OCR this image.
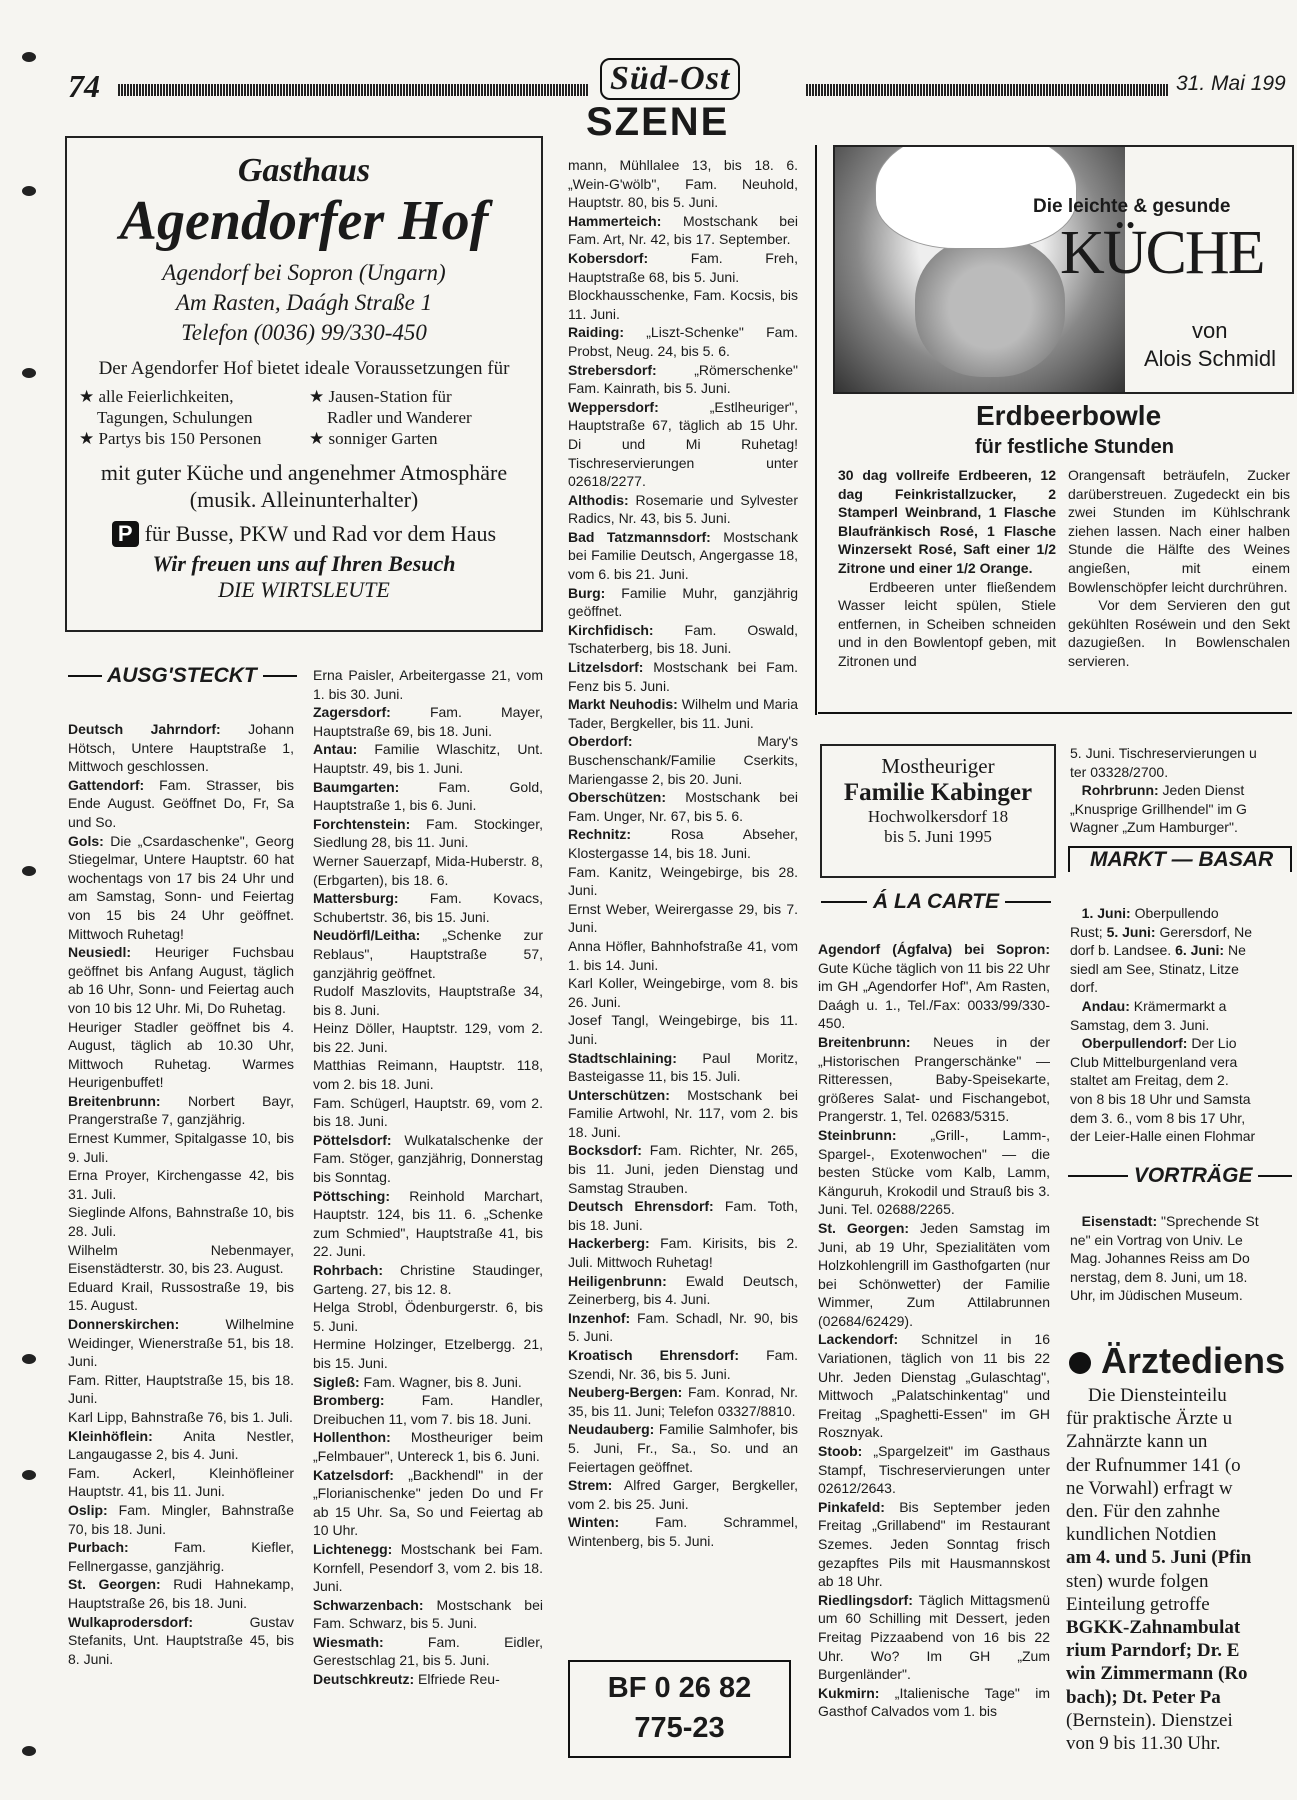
74	Süd-Ost
SZENE
31. Mai 199
Gasthaus
Agendorfer Hof
Agendorf bei Sopron (Ungarn)
Am Rasten, Daágh Straße 1
Telefon (0036) 99/330-450
Der Agendorfer Hof bietet ideale Voraussetzungen für
★ alle Feierlichkeiten,	★ Jausen-Station für
Tagungen, Schulungen	Radler und Wanderer
★ Partys bis 150 Personen	★ sonniger Garten
mit guter Küche und angenehmer Atmosphäre
(musik. Alleinunterhalter)
P für Busse, PKW und Rad vor dem Haus
Wir freuen uns auf Ihren Besuch
DIE WIRTSLEUTE
AUSG'STECKT

Deutsch Jahrndorf: Johann Hötsch, Untere Hauptstraße 1, Mittwoch geschlossen.

Gattendorf: Fam. Strasser, bis Ende August. Geöffnet Do, Fr, Sa und So.

Gols: Die „Csardaschenke", Georg Stiegelmar, Untere Hauptstr. 60 hat wochentags von 17 bis 24 Uhr und am Samstag, Sonn- und Feiertag von 15 bis 24 Uhr geöffnet. Mittwoch Ruhetag!

Neusiedl: Heuriger Fuchsbau geöffnet bis Anfang August, täglich ab 16 Uhr, Sonn- und Feiertag auch von 10 bis 12 Uhr. Mi, Do Ruhetag.

Heuriger Stadler geöffnet bis 4. August, täglich ab 10.30 Uhr, Mittwoch Ruhetag. Warmes Heurigenbuffet!

Breitenbrunn: Norbert Bayr, Prangerstraße 7, ganzjährig.

Ernest Kummer, Spitalgasse 10, bis 9. Juli.

Erna Proyer, Kirchengasse 42, bis 31. Juli.

Sieglinde Alfons, Bahnstraße 10, bis 28. Juli.

Wilhelm Nebenmayer, Eisenstädterstr. 30, bis 23. August.

Eduard Krail, Russostraße 19, bis 15. August.

Donnerskirchen: Wilhelmine Weidinger, Wienerstraße 51, bis 18. Juni.

Fam. Ritter, Hauptstraße 15, bis 18. Juni.

Karl Lipp, Bahnstraße 76, bis 1. Juli.

Kleinhöflein: Anita Nestler, Langaugasse 2, bis 4. Juni.

Fam. Ackerl, Kleinhöfleiner Hauptstr. 41, bis 11. Juni.

Oslip: Fam. Mingler, Bahnstraße 70, bis 18. Juni.

Purbach: Fam. Kiefler, Fellnergasse, ganzjährig.

St. Georgen: Rudi Hahnekamp, Hauptstraße 26, bis 18. Juni.

Wulkaprodersdorf: Gustav Stefanits, Unt. Hauptstraße 45, bis 8. Juni.

Erna Paisler, Arbeitergasse 21, vom 1. bis 30. Juni.

Zagersdorf: Fam. Mayer, Hauptstraße 69, bis 18. Juni.

Antau: Familie Wlaschitz, Unt. Hauptstr. 49, bis 1. Juni.

Baumgarten: Fam. Gold, Hauptstraße 1, bis 6. Juni.

Forchtenstein: Fam. Stockinger, Siedlung 28, bis 11. Juni.

Werner Sauerzapf, Mida-Huberstr. 8, (Erbgarten), bis 18. 6.

Mattersburg: Fam. Kovacs, Schubertstr. 36, bis 15. Juni.

Neudörfl/Leitha: „Schenke zur Reblaus", Hauptstraße 57, ganzjährig geöffnet.

Rudolf Maszlovits, Hauptstraße 34, bis 8. Juni.

Heinz Döller, Hauptstr. 129, vom 2. bis 22. Juni.

Matthias Reimann, Hauptstr. 118, vom 2. bis 18. Juni.

Fam. Schügerl, Hauptstr. 69, vom 2. bis 18. Juni.

Pöttelsdorf: Wulkatalschenke der Fam. Stöger, ganzjährig, Donnerstag bis Sonntag.

Pöttsching: Reinhold Marchart, Hauptstr. 124, bis 11. 6. „Schenke zum Schmied", Hauptstraße 41, bis 22. Juni.

Rohrbach: Christine Staudinger, Garteng. 27, bis 12. 8.

Helga Strobl, Ödenburgerstr. 6, bis 5. Juni.

Hermine Holzinger, Etzelbergg. 21, bis 15. Juni.

Sigleß: Fam. Wagner, bis 8. Juni.

Bromberg: Fam. Handler, Dreibuchen 11, vom 7. bis 18. Juni.

Hollenthon: Mostheuriger beim „Felmbauer", Untereck 1, bis 6. Juni.

Katzelsdorf: „Backhendl" in der „Florianischenke" jeden Do und Fr ab 15 Uhr. Sa, So und Feiertag ab 10 Uhr.

Lichtenegg: Mostschank bei Fam. Kornfell, Pesendorf 3, vom 2. bis 18. Juni.

Schwarzenbach: Mostschank bei Fam. Schwarz, bis 5. Juni.

Wiesmath: Fam. Eidler, Gerestschlag 21, bis 5. Juni.

Deutschkreutz: Elfriede Reu-

mann, Mühllalee 13, bis 18. 6. „Wein-G'wölb", Fam. Neuhold, Hauptstr. 80, bis 5. Juni.

Hammerteich: Mostschank bei Fam. Art, Nr. 42, bis 17. September.

Kobersdorf: Fam. Freh, Hauptstraße 68, bis 5. Juni.

Blockhausschenke, Fam. Kocsis, bis 11. Juni.

Raiding: „Liszt-Schenke" Fam. Probst, Neug. 24, bis 5. 6.

Strebersdorf: „Römerschenke" Fam. Kainrath, bis 5. Juni.

Weppersdorf: „Estlheuriger", Hauptstraße 67, täglich ab 15 Uhr. Di und Mi Ruhetag! Tischreservierungen unter 02618/2277.

Althodis: Rosemarie und Sylvester Radics, Nr. 43, bis 5. Juni.

Bad Tatzmannsdorf: Mostschank bei Familie Deutsch, Angergasse 18, vom 6. bis 21. Juni.

Burg: Familie Muhr, ganzjährig geöffnet.

Kirchfidisch: Fam. Oswald, Tschaterberg, bis 18. Juni.

Litzelsdorf: Mostschank bei Fam. Fenz bis 5. Juni.

Markt Neuhodis: Wilhelm und Maria Tader, Bergkeller, bis 11. Juni.

Oberdorf: Mary's Buschenschank/Familie Cserkits, Mariengasse 2, bis 20. Juni.

Oberschützen: Mostschank bei Fam. Unger, Nr. 67, bis 5. 6.

Rechnitz: Rosa Abseher, Klostergasse 14, bis 18. Juni.

Fam. Kanitz, Weingebirge, bis 28. Juni.

Ernst Weber, Weirergasse 29, bis 7. Juni.

Anna Höfler, Bahnhofstraße 41, vom 1. bis 14. Juni.

Karl Koller, Weingebirge, vom 8. bis 26. Juni.

Josef Tangl, Weingebirge, bis 11. Juni.

Stadtschlaining: Paul Moritz, Basteigasse 11, bis 15. Juli.

Unterschützen: Mostschank bei Familie Artwohl, Nr. 117, vom 2. bis 18. Juni.

Bocksdorf: Fam. Richter, Nr. 265, bis 11. Juni, jeden Dienstag und Samstag Strauben.

Deutsch Ehrensdorf: Fam. Toth, bis 18. Juni.

Hackerberg: Fam. Kirisits, bis 2. Juli. Mittwoch Ruhetag!

Heiligenbrunn: Ewald Deutsch, Zeinerberg, bis 4. Juni.

Inzenhof: Fam. Schadl, Nr. 90, bis 5. Juni.

Kroatisch Ehrensdorf: Fam. Szendi, Nr. 36, bis 5. Juni.

Neuberg-Bergen: Fam. Konrad, Nr. 35, bis 11. Juni; Telefon 03327/8810.

Neudauberg: Familie Salmhofer, bis 5. Juni, Fr., Sa., So. und an Feiertagen geöffnet.

Strem: Alfred Garger, Bergkeller, vom 2. bis 25. Juni.

Winten: Fam. Schrammel, Wintenberg, bis 5. Juni.

BF 0 26 82
775-23
Die leichte & gesunde
KÜCHE
von
Alois Schmidl
Erdbeerbowle
für festliche Stunden

30 dag vollreife Erdbeeren, 12 dag Feinkristallzucker, 2 Stamperl Weinbrand, 1 Flasche Blaufränkisch Rosé, 1 Flasche Winzersekt Rosé, Saft einer 1/2 Zitrone und einer 1/2 Orange.

Erdbeeren unter fließendem Wasser leicht spülen, Stiele entfernen, in Scheiben schneiden und in den Bowlentopf geben, mit Zitronen und

Orangensaft beträufeln, Zucker darüberstreuen. Zugedeckt ein bis zwei Stunden im Kühlschrank ziehen lassen. Nach einer halben Stunde die Hälfte des Weines angießen, mit einem Bowlenschöpfer leicht durchrühren.

Vor dem Servieren den gut gekühlten Roséwein und den Sekt dazugießen. In Bowlenschalen servieren.

Mostheuriger
Familie Kabinger
Hochwolkersdorf 18
bis 5. Juni 1995
Á LA CARTE

Agendorf (Ágfalva) bei Sopron: Gute Küche täglich von 11 bis 22 Uhr im GH „Agendorfer Hof", Am Rasten, Daágh u. 1., Tel./Fax: 0033/99/330-450.

Breitenbrunn: Neues in der „Historischen Prangerschänke" — Ritteressen, Baby-Speisekarte, größeres Salat- und Fischangebot, Prangerstr. 1, Tel. 02683/5315.

Steinbrunn: „Grill-, Lamm-, Spargel-, Exotenwochen" — die besten Stücke vom Kalb, Lamm, Känguruh, Krokodil und Strauß bis 3. Juni. Tel. 02688/2265.

St. Georgen: Jeden Samstag im Juni, ab 19 Uhr, Spezialitäten vom Holzkohlengrill im Gasthofgarten (nur bei Schönwetter) der Familie Wimmer, Zum Attilabrunnen (02684/62429).

Lackendorf: Schnitzel in 16 Variationen, täglich von 11 bis 22 Uhr. Jeden Dienstag „Gulaschtag", Mittwoch „Palatschinkentag" und Freitag „Spaghetti-Essen" im GH Rosznyak.

Stoob: „Spargelzeit" im Gasthaus Stampf, Tischreservierungen unter 02612/2643.

Pinkafeld: Bis September jeden Freitag „Grillabend" im Restaurant Szemes. Jeden Sonntag frisch gezapftes Pils mit Hausmannskost ab 18 Uhr.

Riedlingsdorf: Täglich Mittagsmenü um 60 Schilling mit Dessert, jeden Freitag Pizzaabend von 16 bis 22 Uhr. Wo? Im GH „Zum Burgenländer".

Kukmirn: „Italienische Tage" im Gasthof Calvados vom 1. bis

5. Juni. Tischreservierungen u

ter 03328/2700.

Rohrbrunn: Jeden Dienst

„Knusprige Grillhendel" im G

Wagner „Zum Hamburger".

MARKT — BASAR

1. Juni: Oberpullendo

Rust; 5. Juni: Gerersdorf, Ne

dorf b. Landsee. 6. Juni: Ne

siedl am See, Stinatz, Litze

dorf.

Andau: Krämermarkt a

Samstag, dem 3. Juni.

Oberpullendorf: Der Lio

Club Mittelburgenland vera

staltet am Freitag, dem 2.

von 8 bis 18 Uhr und Samsta

dem 3. 6., vom 8 bis 17 Uhr,

der Leier-Halle einen Flohmar

VORTRÄGE

Eisenstadt: "Sprechende St

ne" ein Vortrag von Univ. Le

Mag. Johannes Reiss am Do

nerstag, dem 8. Juni, um 18.

Uhr, im Jüdischen Museum.

Ärztediens
Die Diensteinteilu
für praktische Ärzte u
Zahnärzte kann un
der Rufnummer 141 (o
ne Vorwahl) erfragt w
den. Für den zahnhe
kundlichen Notdien
am 4. und 5. Juni (Pfin
sten) wurde folgen
Einteilung getroffe
BGKK-Zahnambulat
rium Parndorf; Dr. E
win Zimmermann (Ro
bach); Dt. Peter Pa
(Bernstein). Dienstzei
von 9 bis 11.30 Uhr.
